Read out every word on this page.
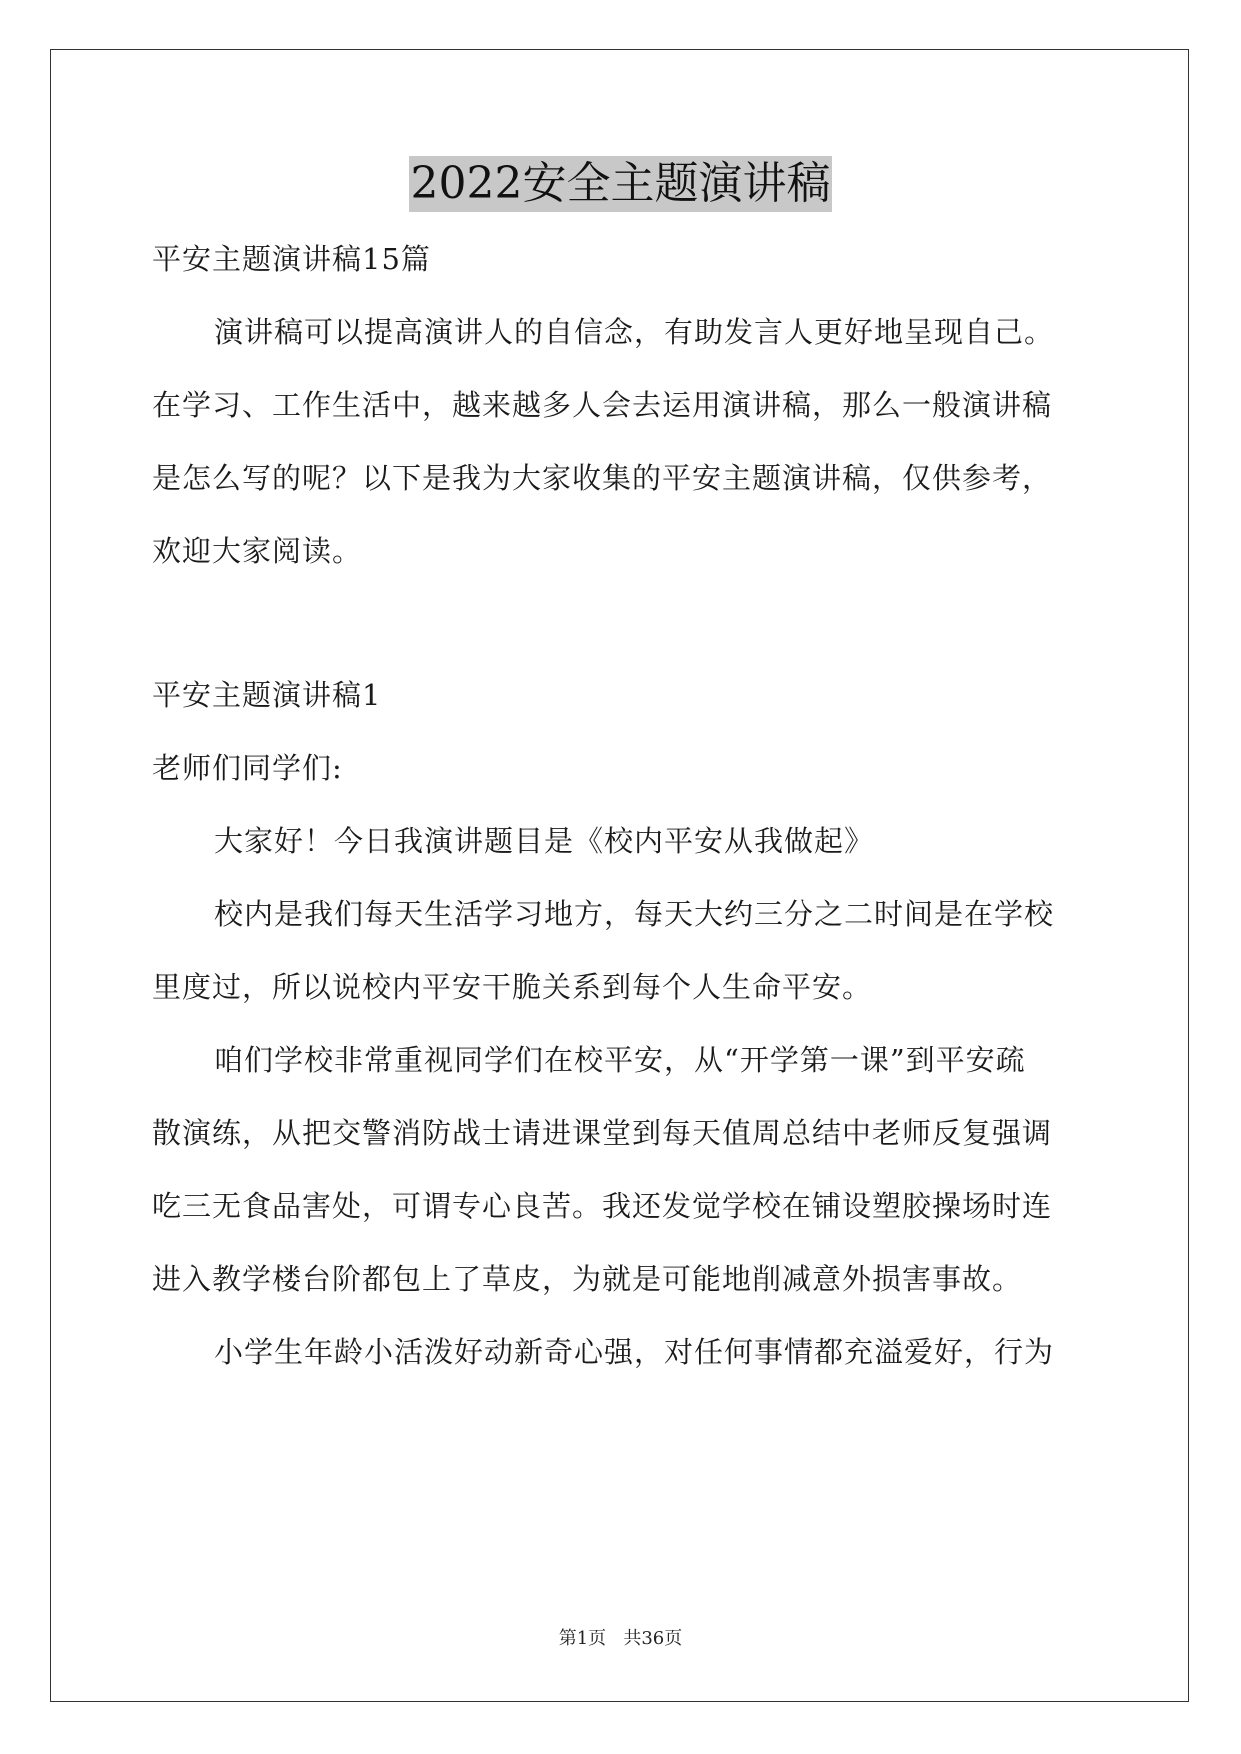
2022安全主题演讲稿
平安主题演讲稿15篇
演讲稿可以提高演讲人的自信念，有助发言人更好地呈现自己。
在学习、工作生活中，越来越多人会去运用演讲稿，那么一般演讲稿
是怎么写的呢？以下是我为大家收集的平安主题演讲稿，仅供参考，
欢迎大家阅读。
平安主题演讲稿1
老师们同学们:
大家好！今日我演讲题目是《校内平安从我做起》
校内是我们每天生活学习地方，每天大约三分之二时间是在学校
里度过，所以说校内平安干脆关系到每个人生命平安。
咱们学校非常重视同学们在校平安，从“开学第一课”到平安疏
散演练，从把交警消防战士请进课堂到每天值周总结中老师反复强调
吃三无食品害处，可谓专心良苦。我还发觉学校在铺设塑胶操场时连
进入教学楼台阶都包上了草皮，为就是可能地削减意外损害事故。
小学生年龄小活泼好动新奇心强，对任何事情都充溢爱好，行为
第1页   共36页
